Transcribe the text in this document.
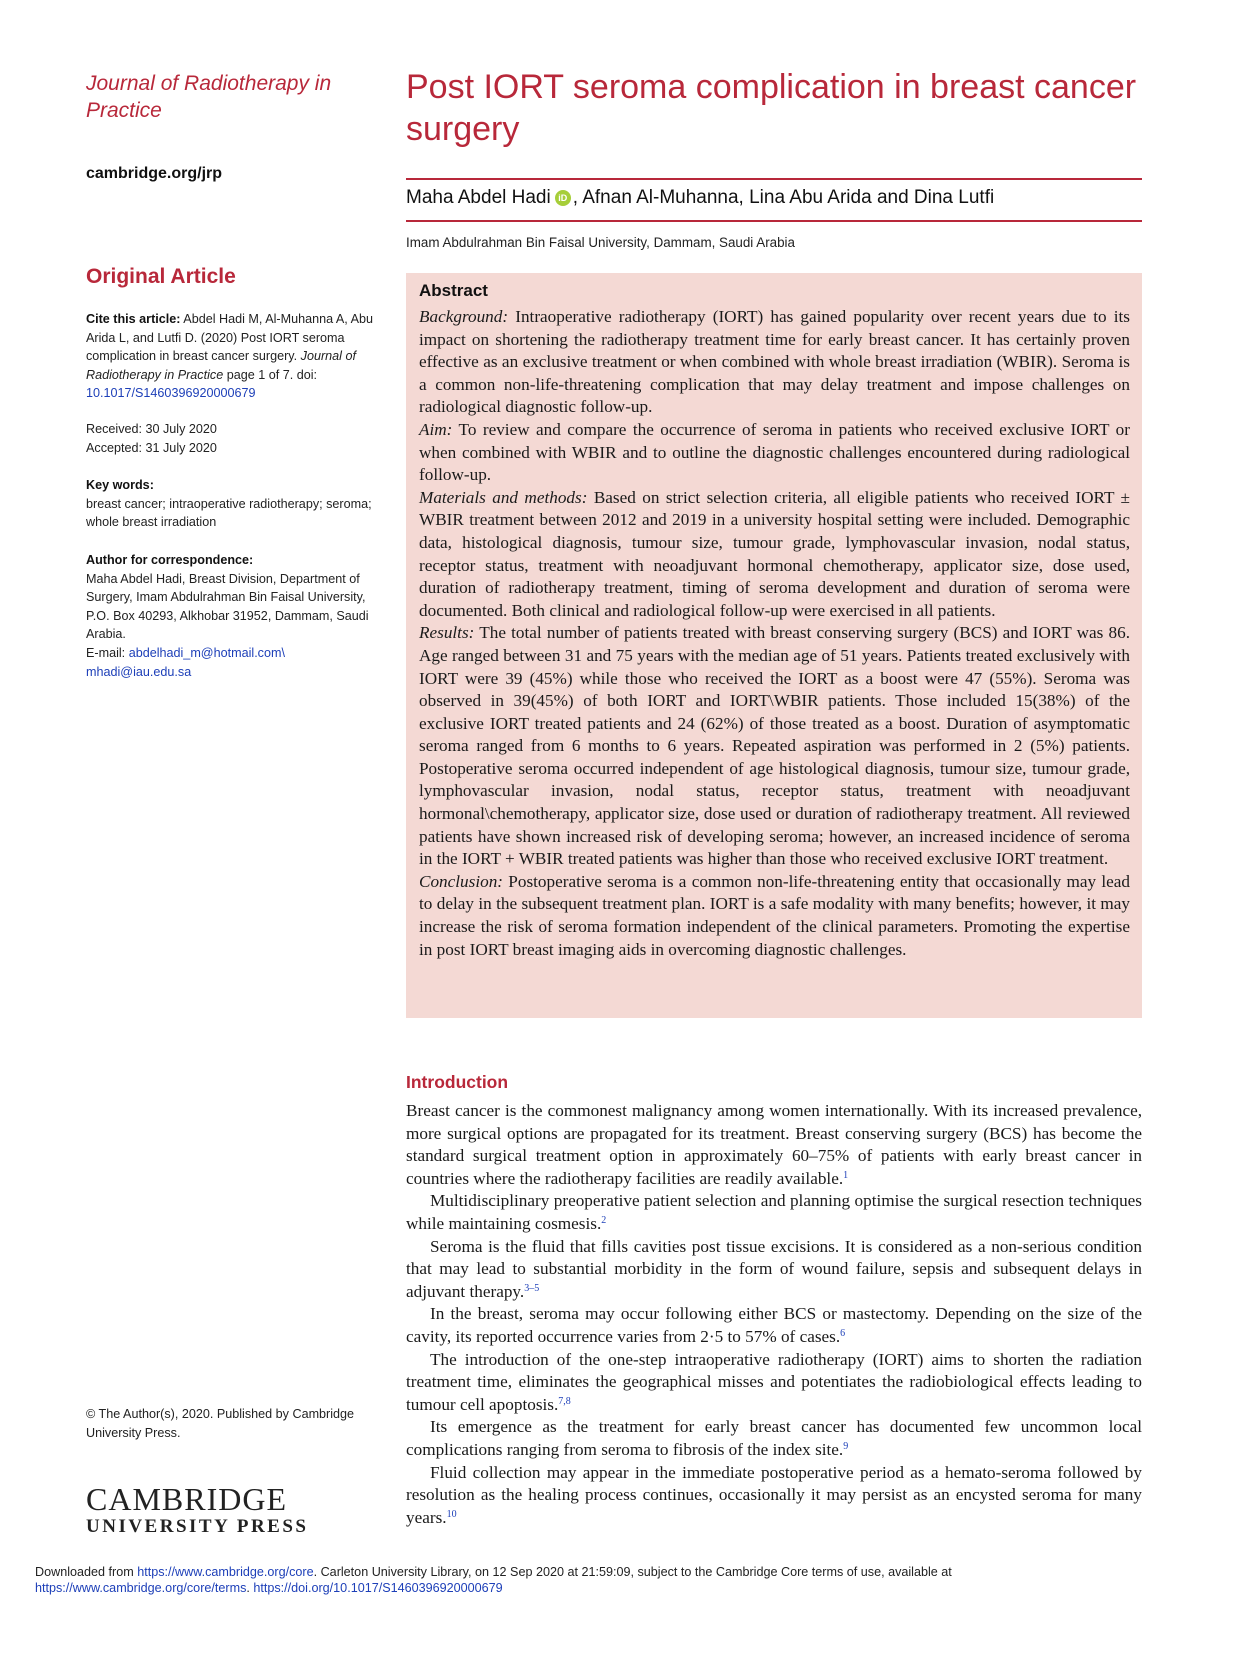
Journal of Radiotherapy in Practice
cambridge.org/jrp
Original Article
Cite this article: Abdel Hadi M, Al-Muhanna A, Abu Arida L, and Lutfi D. (2020) Post IORT seroma complication in breast cancer surgery. Journal of Radiotherapy in Practice page 1 of 7. doi: 10.1017/S1460396920000679
Received: 30 July 2020
Accepted: 31 July 2020
Key words:
breast cancer; intraoperative radiotherapy; seroma; whole breast irradiation
Author for correspondence:
Maha Abdel Hadi, Breast Division, Department of Surgery, Imam Abdulrahman Bin Faisal University, P.O. Box 40293, Alkhobar 31952, Dammam, Saudi Arabia.
E-mail: abdelhadi_m@hotmail.com\
mhadi@iau.edu.sa
© The Author(s), 2020. Published by Cambridge University Press.
CAMBRIDGE
UNIVERSITY PRESS
Post IORT seroma complication in breast cancer surgery
Maha Abdel Hadi iD , Afnan Al-Muhanna, Lina Abu Arida and Dina Lutfi
Imam Abdulrahman Bin Faisal University, Dammam, Saudi Arabia
Abstract

Background: Intraoperative radiotherapy (IORT) has gained popularity over recent years due to its impact on shortening the radiotherapy treatment time for early breast cancer. It has certainly proven effective as an exclusive treatment or when combined with whole breast irradiation (WBIR). Seroma is a common non-life-threatening complication that may delay treatment and impose challenges on radiological diagnostic follow-up.

Aim: To review and compare the occurrence of seroma in patients who received exclusive IORT or when combined with WBIR and to outline the diagnostic challenges encountered during radiological follow-up.

Materials and methods: Based on strict selection criteria, all eligible patients who received IORT ± WBIR treatment between 2012 and 2019 in a university hospital setting were included. Demographic data, histological diagnosis, tumour size, tumour grade, lymphovascular invasion, nodal status, receptor status, treatment with neoadjuvant hormonal chemotherapy, applicator size, dose used, duration of radiotherapy treatment, timing of seroma development and duration of seroma were documented. Both clinical and radiological follow-up were exercised in all patients.

Results: The total number of patients treated with breast conserving surgery (BCS) and IORT was 86. Age ranged between 31 and 75 years with the median age of 51 years. Patients treated exclusively with IORT were 39 (45%) while those who received the IORT as a boost were 47 (55%). Seroma was observed in 39(45%) of both IORT and IORT\WBIR patients. Those included 15(38%) of the exclusive IORT treated patients and 24 (62%) of those treated as a boost. Duration of asymptomatic seroma ranged from 6 months to 6 years. Repeated aspiration was performed in 2 (5%) patients. Postoperative seroma occurred independent of age histological diagnosis, tumour size, tumour grade, lymphovascular invasion, nodal status, receptor status, treatment with neoadjuvant hormonal\chemotherapy, applicator size, dose used or duration of radiotherapy treatment. All reviewed patients have shown increased risk of developing seroma; however, an increased incidence of seroma in the IORT + WBIR treated patients was higher than those who received exclusive IORT treatment.

Conclusion: Postoperative seroma is a common non-life-threatening entity that occasionally may lead to delay in the subsequent treatment plan. IORT is a safe modality with many benefits; however, it may increase the risk of seroma formation independent of the clinical parameters. Promoting the expertise in post IORT breast imaging aids in overcoming diagnostic challenges.

Introduction

Breast cancer is the commonest malignancy among women internationally. With its increased prevalence, more surgical options are propagated for its treatment. Breast conserving surgery (BCS) has become the standard surgical treatment option in approximately 60–75% of patients with early breast cancer in countries where the radiotherapy facilities are readily available.$^1$

Multidisciplinary preoperative patient selection and planning optimise the surgical resection techniques while maintaining cosmesis.$^2$

Seroma is the fluid that fills cavities post tissue excisions. It is considered as a non-serious condition that may lead to substantial morbidity in the form of wound failure, sepsis and subsequent delays in adjuvant therapy.$^{3-5}$

In the breast, seroma may occur following either BCS or mastectomy. Depending on the size of the cavity, its reported occurrence varies from 2·5 to 57% of cases.$^6$

The introduction of the one-step intraoperative radiotherapy (IORT) aims to shorten the radiation treatment time, eliminates the geographical misses and potentiates the radiobiological effects leading to tumour cell apoptosis.$^{7,8}$

Its emergence as the treatment for early breast cancer has documented few uncommon local complications ranging from seroma to fibrosis of the index site.$^9$

Fluid collection may appear in the immediate postoperative period as a hemato-seroma followed by resolution as the healing process continues, occasionally it may persist as an encysted seroma for many years.$^{10}$

Downloaded from https://www.cambridge.org/core. Carleton University Library, on 12 Sep 2020 at 21:59:09, subject to the Cambridge Core terms of use, available at
https://www.cambridge.org/core/terms. https://doi.org/10.1017/S1460396920000679
